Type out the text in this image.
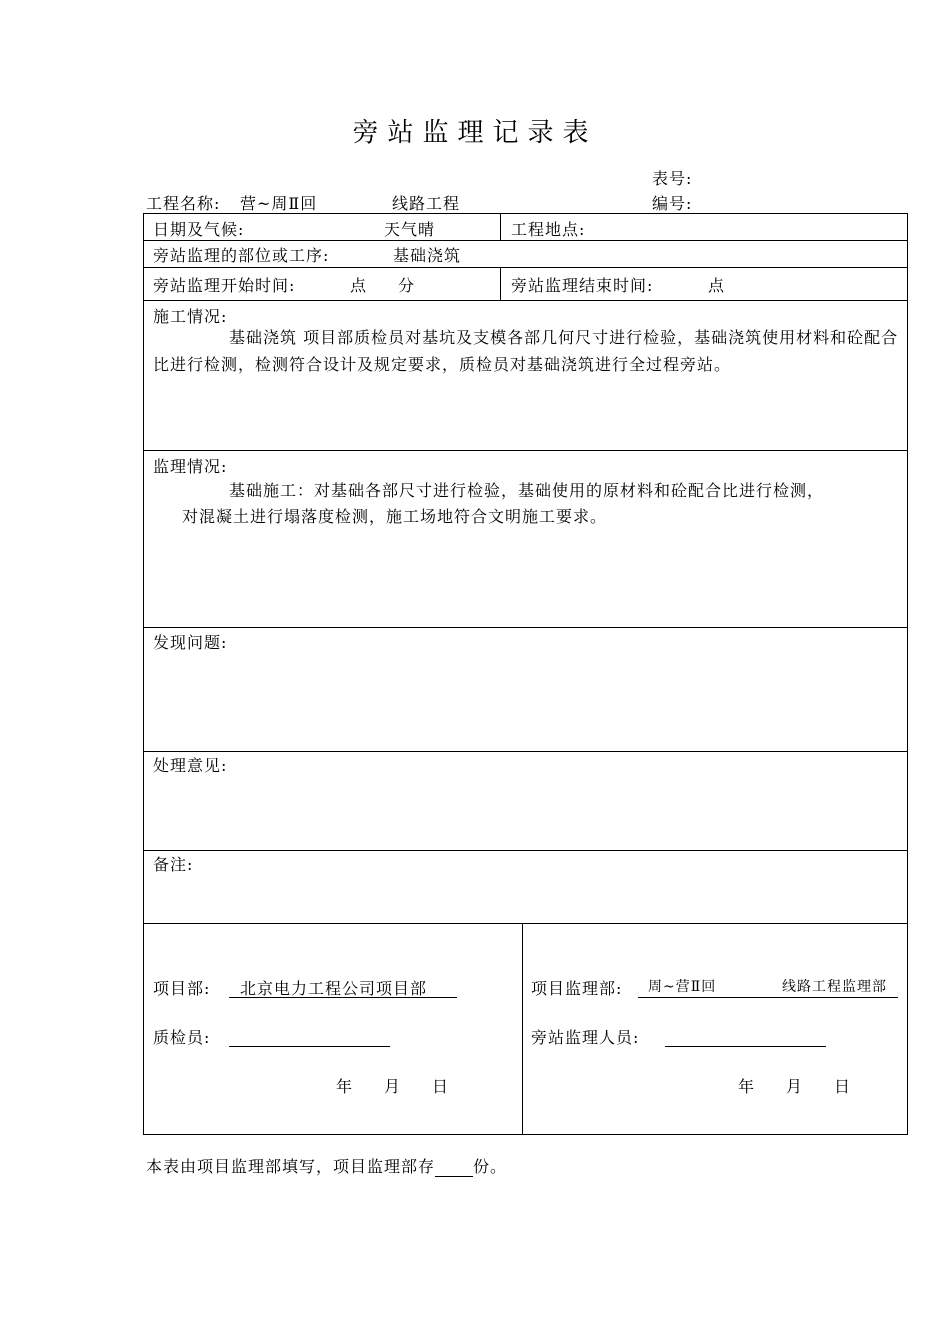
旁站监理记录表
表号:
编号:
工程名称: 营~周Ⅱ回	线路工程
日期及气候:	天气晴	工程地点:
旁站监理的部位或工序:	基础浇筑
旁站监理开始时间:	点 分	旁站监理结束时间:	点
施工情况:
基础浇筑 项目部质检员对基坑及支模各部几何尺寸进行检验，基础浇筑使用材料和砼配合比进行检测，检测符合设计及规定要求，质检员对基础浇筑进行全过程旁站。
监理情况:
基础施工：对基础各部尺寸进行检验，基础使用的原材料和砼配合比进行检测，
对混凝土进行塌落度检测，施工场地符合文明施工要求。
发现问题:
处理意见:
备注:
项目部:	北京电力工程公司项目部
质检员:
年 月 日
项目监理部:	周~营Ⅱ回	线路工程监理部
旁站监理人员:
年 月 日
本表由项目监理部填写，项目监理部存 份。
